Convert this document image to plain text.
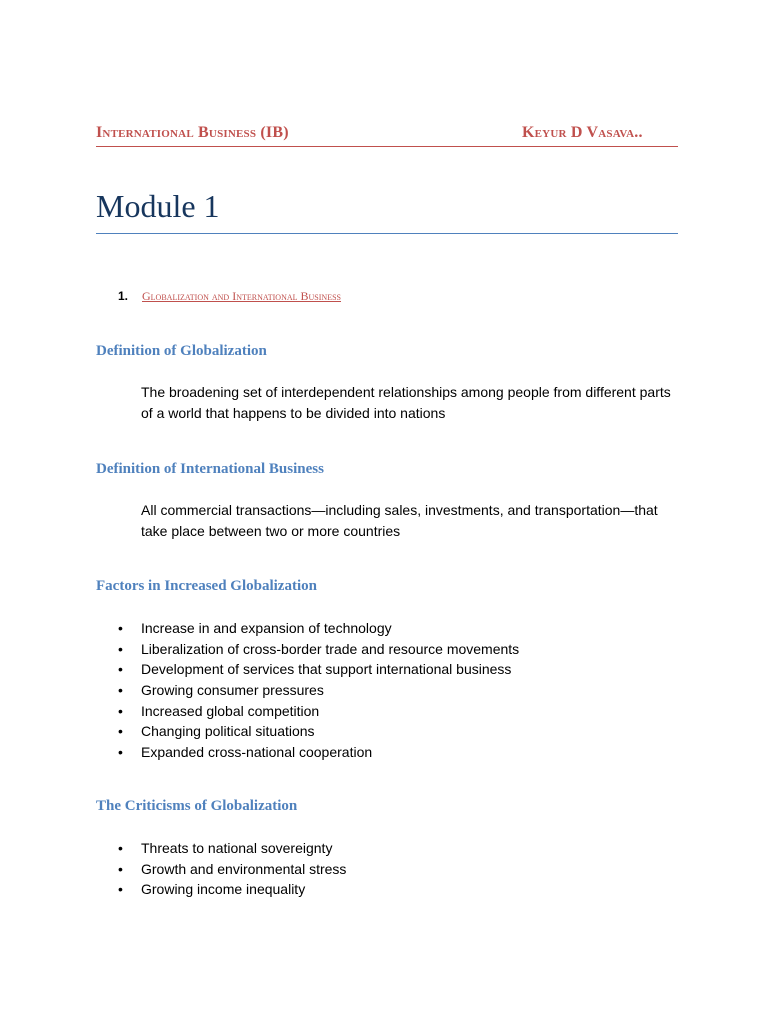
International Business (IB)	Keyur D Vasava..
Module 1
1. Globalization and International Business
Definition of Globalization
The broadening set of interdependent relationships among people from different parts of a world that happens to be divided into nations
Definition of International Business
All commercial transactions—including sales, investments, and transportation—that take place between two or more countries
Factors in Increased Globalization
• Increase in and expansion of technology
• Liberalization of cross-border trade and resource movements
• Development of services that support international business
• Growing consumer pressures
• Increased global competition
• Changing political situations
• Expanded cross-national cooperation
The Criticisms of Globalization
• Threats to national sovereignty
• Growth and environmental stress
• Growing income inequality
